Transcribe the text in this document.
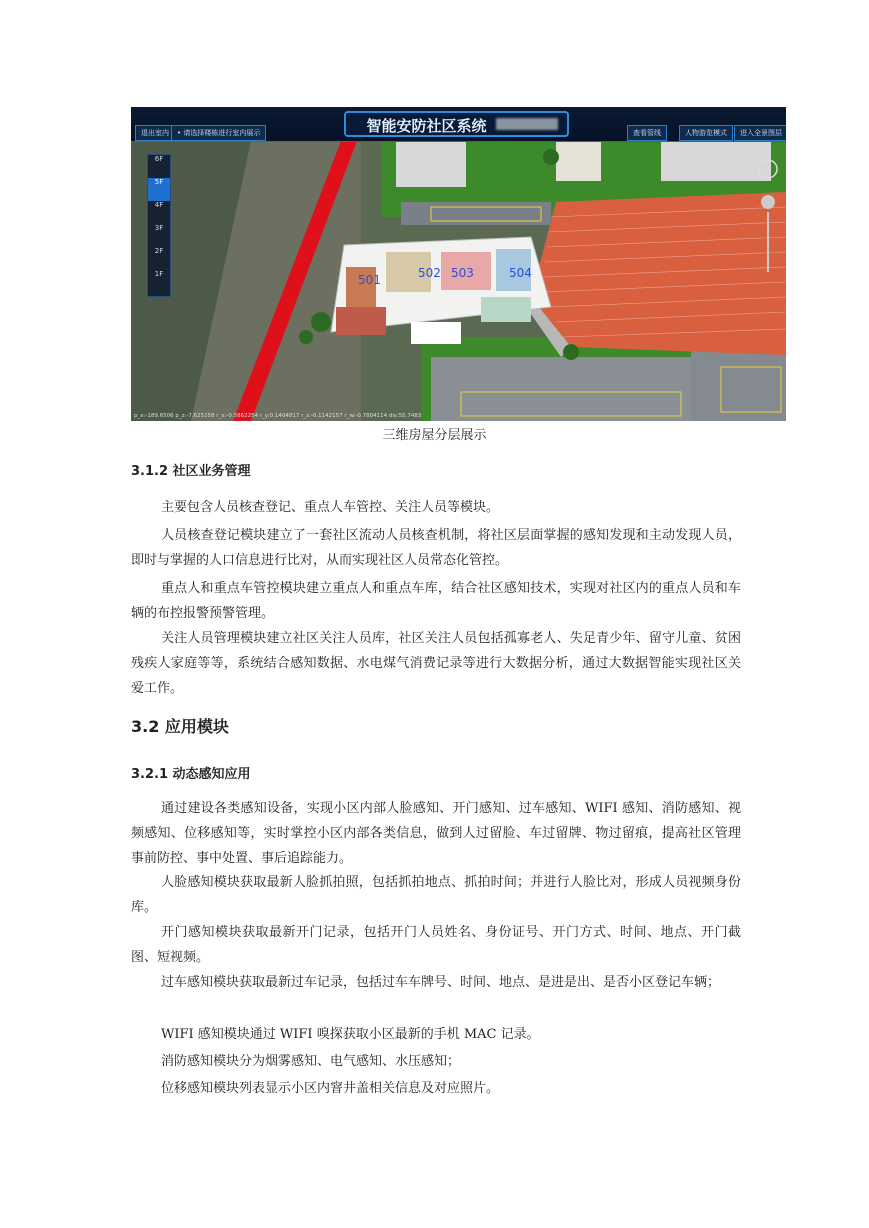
退出室内	• 请选择楼栋进行室内展示	智能安防社区系统	查看管线	人物游览模式	进入全景图层
6F
5F
4F
3F
2F
1F	501	502 503	504
p_x:-189.6506 p_z:-7.625258 r_x:-0.5862254 r_y:0.1404817 r_z:-0.1142157 r_w:-0.7804114 dis:55.7483
三维房屋分层展示
3.1.2 社区业务管理
主要包含人员核查登记、重点人车管控、关注人员等模块。
人员核查登记模块建立了一套社区流动人员核查机制，将社区层面掌握的感知发现和主动发现人员，即时与掌握的人口信息进行比对，从而实现社区人员常态化管控。
重点人和重点车管控模块建立重点人和重点车库，结合社区感知技术，实现对社区内的重点人员和车辆的布控报警预警管理。
关注人员管理模块建立社区关注人员库，社区关注人员包括孤寡老人、失足青少年、留守儿童、贫困残疾人家庭等等，系统结合感知数据、水电煤气消费记录等进行大数据分析，通过大数据智能实现社区关爱工作。
3.2 应用模块
3.2.1 动态感知应用
通过建设各类感知设备，实现小区内部人脸感知、开门感知、过车感知、WIFI 感知、消防感知、视频感知、位移感知等，实时掌控小区内部各类信息，做到人过留脸、车过留牌、物过留痕，提高社区管理事前防控、事中处置、事后追踪能力。
人脸感知模块获取最新人脸抓拍照，包括抓拍地点、抓拍时间；并进行人脸比对，形成人员视频身份库。
开门感知模块获取最新开门记录，包括开门人员姓名、身份证号、开门方式、时间、地点、开门截图、短视频。
过车感知模块获取最新过车记录，包括过车车牌号、时间、地点、是进是出、是否小区登记车辆；
WIFI 感知模块通过 WIFI 嗅探获取小区最新的手机 MAC 记录。
消防感知模块分为烟雾感知、电气感知、水压感知；
位移感知模块列表显示小区内窨井盖相关信息及对应照片。
